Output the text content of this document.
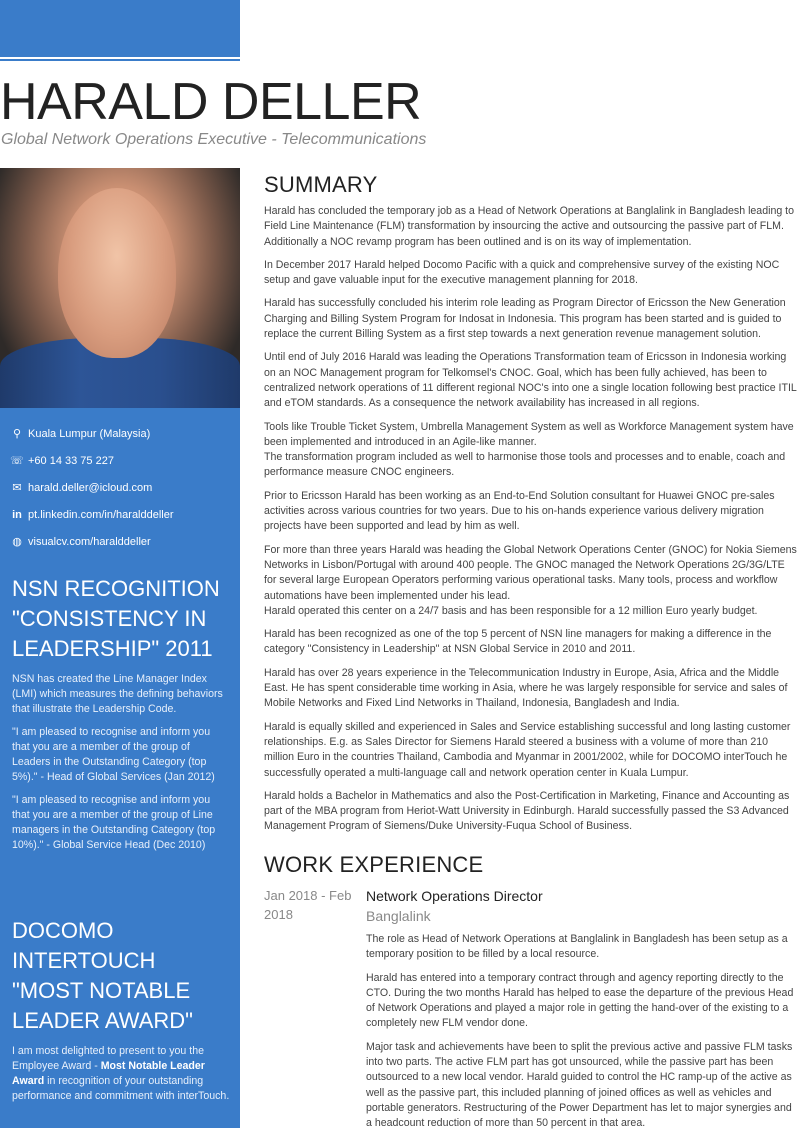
HARALD DELLER
Global Network Operations Executive - Telecommunications
⚲ Kuala Lumpur (Malaysia)
☏ +60 14 33 75 227
✉ harald.deller@icloud.com
in pt.linkedin.com/in/haralddeller
◍ visualcv.com/haralddeller
NSN RECOGNITION "CONSISTENCY IN LEADERSHIP" 2011

NSN has created the Line Manager Index (LMI) which measures the defining behaviors that illustrate the Leadership Code.

"I am pleased to recognise and inform you that you are a member of the group of Leaders in the Outstanding Category (top 5%)." - Head of Global Services (Jan 2012)

"I am pleased to recognise and inform you that you are a member of the group of Line managers in the Outstanding Category (top 10%)." - Global Service Head (Dec 2010)

DOCOMO INTERTOUCH "MOST NOTABLE LEADER AWARD"

I am most delighted to present to you the Employee Award - Most Notable Leader Award in recognition of your outstanding performance and commitment with interTouch.

SUMMARY

Harald has concluded the temporary job as a Head of Network Operations at Banglalink in Bangladesh leading to Field Line Maintenance (FLM) transformation by insourcing the active and outsourcing the passive part of FLM. Additionally a NOC revamp program has been outlined and is on its way of implementation.

In December 2017 Harald helped Docomo Pacific with a quick and comprehensive survey of the existing NOC setup and gave valuable input for the executive management planning for 2018.

Harald has successfully concluded his interim role leading as Program Director of Ericsson the New Generation Charging and Billing System Program for Indosat in Indonesia. This program has been started and is guided to replace the current Billing System as a first step towards a next generation revenue management solution.

Until end of July 2016 Harald was leading the Operations Transformation team of Ericsson in Indonesia working on an NOC Management program for Telkomsel's CNOC. Goal, which has been fully achieved, has been to centralized network operations of 11 different regional NOC's into one a single location following best practice ITIL and eTOM standards. As a consequence the network availability has increased in all regions.

Tools like Trouble Ticket System, Umbrella Management System as well as Workforce Management system have been implemented and introduced in an Agile-like manner.
The transformation program included as well to harmonise those tools and processes and to enable, coach and performance measure CNOC engineers.

Prior to Ericsson Harald has been working as an End-to-End Solution consultant for Huawei GNOC pre-sales activities across various countries for two years. Due to his on-hands experience various delivery migration projects have been supported and lead by him as well.

For more than three years Harald was heading the Global Network Operations Center (GNOC) for Nokia Siemens Networks in Lisbon/Portugal with around 400 people. The GNOC managed the Network Operations 2G/3G/LTE for several large European Operators performing various operational tasks. Many tools, process and workflow automations have been implemented under his lead.
Harald operated this center on a 24/7 basis and has been responsible for a 12 million Euro yearly budget.

Harald has been recognized as one of the top 5 percent of NSN line managers for making a difference in the category "Consistency in Leadership" at NSN Global Service in 2010 and 2011.

Harald has over 28 years experience in the Telecommunication Industry in Europe, Asia, Africa and the Middle East. He has spent considerable time working in Asia, where he was largely responsible for service and sales of Mobile Networks and Fixed Lind Networks in Thailand, Indonesia, Bangladesh and India.

Harald is equally skilled and experienced in Sales and Service establishing successful and long lasting customer relationships. E.g. as Sales Director for Siemens Harald steered a business with a volume of more than 210 million Euro in the countries Thailand, Cambodia and Myanmar in 2001/2002, while for DOCOMO interTouch he successfully operated a multi-language call and network operation center in Kuala Lumpur.

Harald holds a Bachelor in Mathematics and also the Post-Certification in Marketing, Finance and Accounting as part of the MBA program from Heriot-Watt University in Edinburgh. Harald successfully passed the S3 Advanced Management Program of Siemens/Duke University-Fuqua School of Business.

WORK EXPERIENCE
Jan 2018 - Feb 2018
Network Operations Director
Banglalink

The role as Head of Network Operations at Banglalink in Bangladesh has been setup as a temporary position to be filled by a local resource.

Harald has entered into a temporary contract through and agency reporting directly to the CTO. During the two months Harald has helped to ease the departure of the previous Head of Network Operations and played a major role in getting the hand-over of the existing to a completely new FLM vendor done.

Major task and achievements have been to split the previous active and passive FLM tasks into two parts. The active FLM part has got unsourced, while the passive part has been outsourced to a new local vendor. Harald guided to control the HC ramp-up of the active as well as the passive part, this included planning of joined offices as well as vehicles and portable generators. Restructuring of the Power Department has let to major synergies and a headcount reduction of more than 50 percent in that area.
